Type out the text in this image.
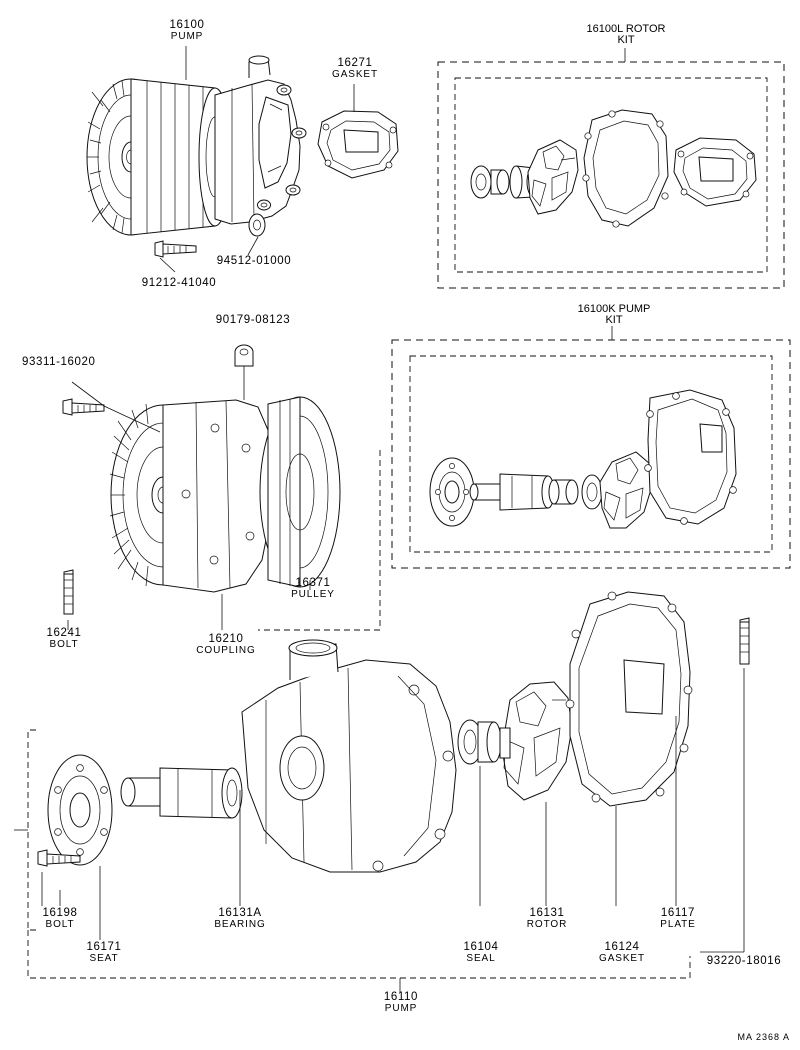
16100
PUMP
16271
GASKET
94512-01000
91212-41040
90179-08123
93311-16020
16371
PULLEY
16210
COUPLING
16241
BOLT
16198
BOLT
16171
SEAT
16131A
BEARING
16104
SEAL
16131
ROTOR
16124
GASKET
16117
PLATE
93220-18016
16110
PUMP
16100L ROTOR KIT
16100K PUMP KIT
MA 2368 A
